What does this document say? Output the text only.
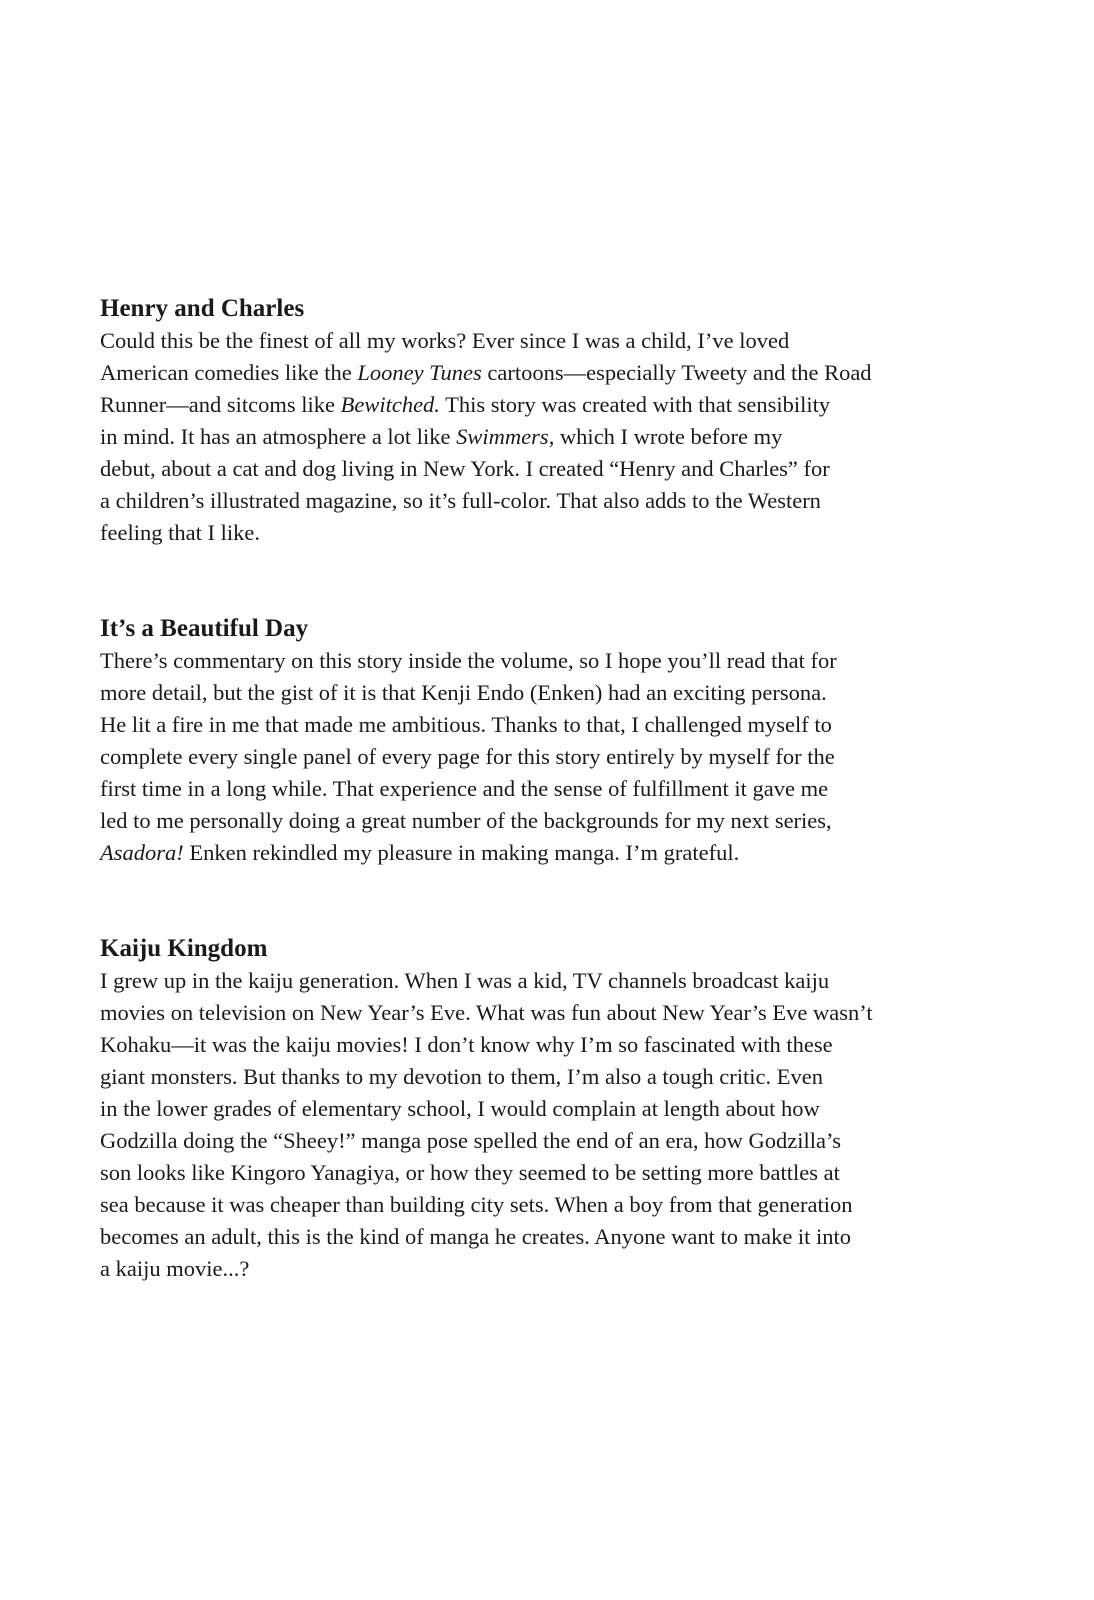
Henry and Charles
Could this be the finest of all my works? Ever since I was a child, I’ve loved
American comedies like the Looney Tunes cartoons—especially Tweety and the Road
Runner—and sitcoms like Bewitched. This story was created with that sensibility
in mind. It has an atmosphere a lot like Swimmers, which I wrote before my
debut, about a cat and dog living in New York. I created “Henry and Charles” for
a children’s illustrated magazine, so it’s full-color. That also adds to the Western
feeling that I like.
It’s a Beautiful Day
There’s commentary on this story inside the volume, so I hope you’ll read that for
more detail, but the gist of it is that Kenji Endo (Enken) had an exciting persona.
He lit a fire in me that made me ambitious. Thanks to that, I challenged myself to
complete every single panel of every page for this story entirely by myself for the
first time in a long while. That experience and the sense of fulfillment it gave me
led to me personally doing a great number of the backgrounds for my next series,
Asadora! Enken rekindled my pleasure in making manga. I’m grateful.
Kaiju Kingdom
I grew up in the kaiju generation. When I was a kid, TV channels broadcast kaiju
movies on television on New Year’s Eve. What was fun about New Year’s Eve wasn’t
Kohaku—it was the kaiju movies! I don’t know why I’m so fascinated with these
giant monsters. But thanks to my devotion to them, I’m also a tough critic. Even
in the lower grades of elementary school, I would complain at length about how
Godzilla doing the “Sheey!” manga pose spelled the end of an era, how Godzilla’s
son looks like Kingoro Yanagiya, or how they seemed to be setting more battles at
sea because it was cheaper than building city sets. When a boy from that generation
becomes an adult, this is the kind of manga he creates. Anyone want to make it into
a kaiju movie...?
